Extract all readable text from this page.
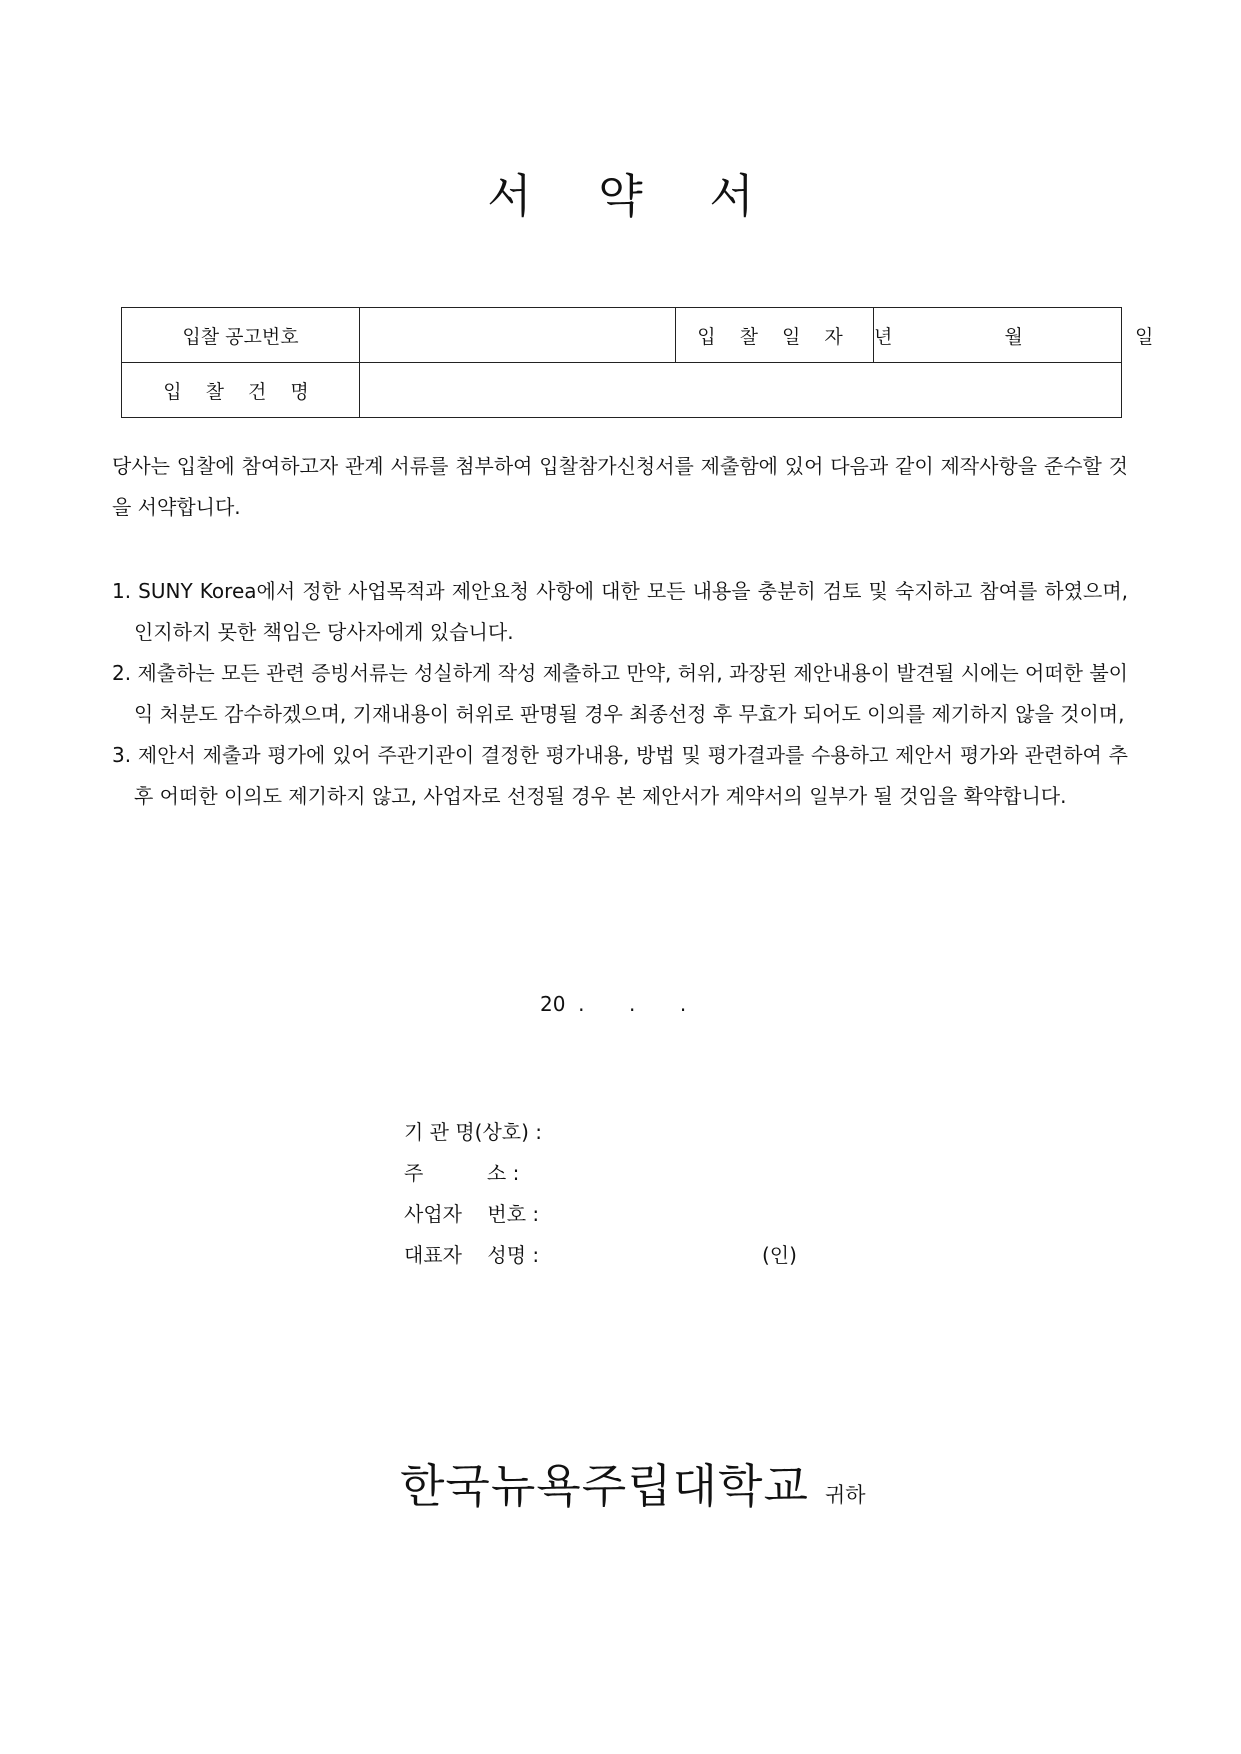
서 약 서
입찰 공고번호		입 찰 일 자	년    월    일
입 찰 건 명			

당사는 입찰에 참여하고자 관계 서류를 첨부하여 입찰참가신청서를 제출함에 있어 다음과 같이 제작사항을 준수할 것을 서약합니다.

1. SUNY Korea에서 정한 사업목적과 제안요청 사항에 대한 모든 내용을 충분히 검토 및 숙지하고 참여를 하였으며, 인지하지 못한 책임은 당사자에게 있습니다.
2. 제출하는 모든 관련 증빙서류는 성실하게 작성 제출하고 만약, 허위, 과장된 제안내용이 발견될 시에는 어떠한 불이익 처분도 감수하겠으며, 기재내용이 허위로 판명될 경우 최종선정 후 무효가 되어도 이의를 제기하지 않을 것이며,
3. 제안서 제출과 평가에 있어 주관기관이 결정한 평가내용, 방법 및 평가결과를 수용하고 제안서 평가와 관련하여 추후 어떠한 이의도 제기하지 않고, 사업자로 선정될 경우 본 제안서가 계약서의 일부가 될 것임을 확약합니다.
20  .       .       .
기 관 명(상호) :
주          소 :
사업자    번호 :
대표자    성명 :	(인)
한국뉴욕주립대학교 귀하
